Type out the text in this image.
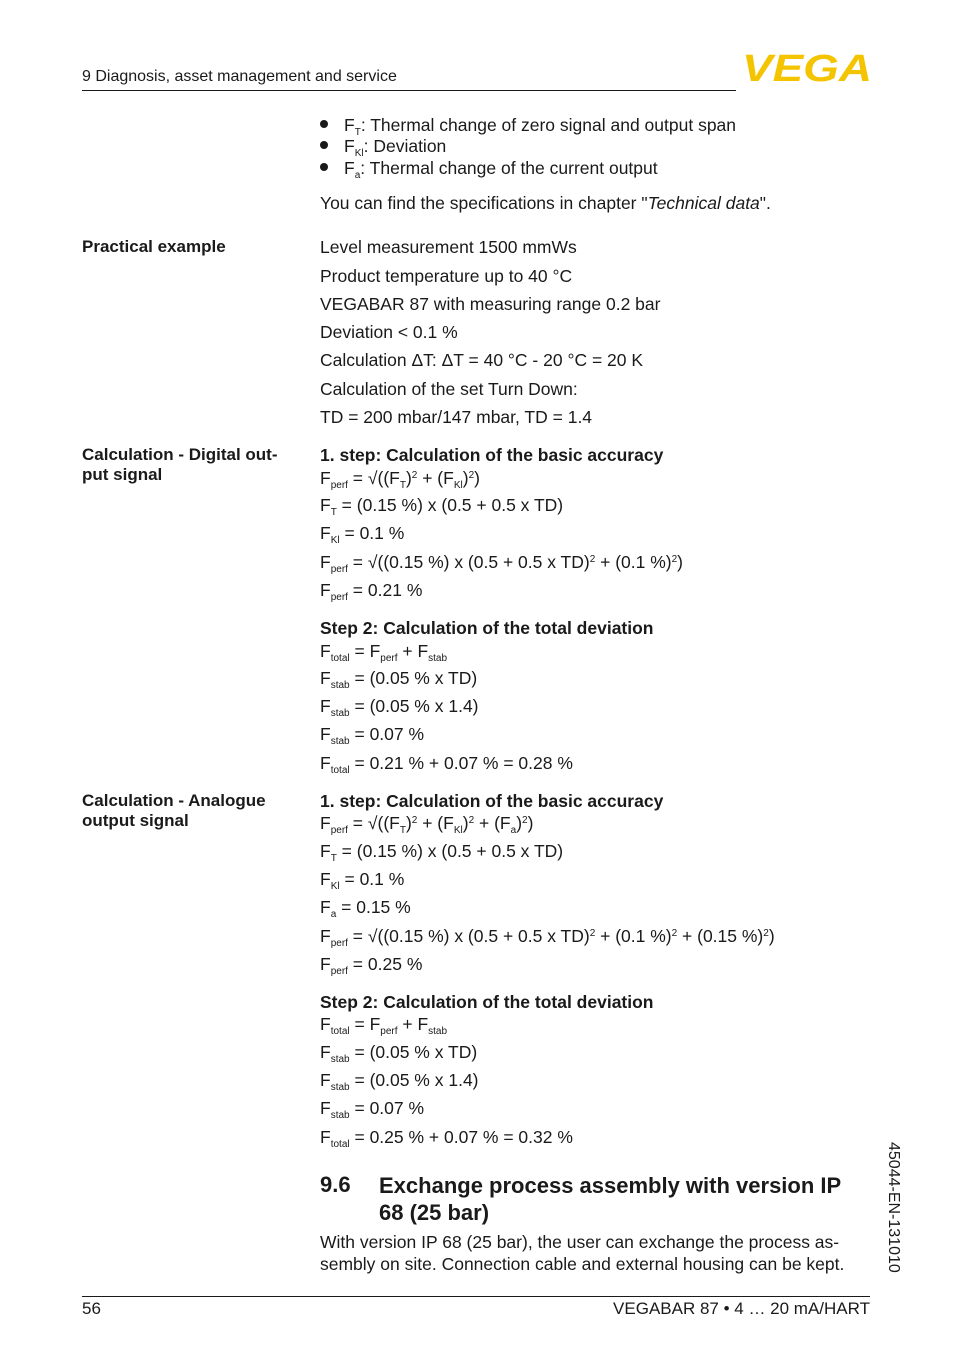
9 Diagnosis, asset management and service	VEGA
$F_T$: Thermal change of zero signal and output span
$F_{Kl}$: Deviation
$F_a$: Thermal change of the current output
You can find the specifications in chapter "Technical data".
Practical example	Level measurement 1500 mmWs
Product temperature up to 40 °C
VEGABAR 87 with measuring range 0.2 bar
Deviation < 0.1 %
Calculation ΔT: ΔT = 40 °C - 20 °C = 20 K
Calculation of the set Turn Down:
TD = 200 mbar/147 mbar, TD = 1.4
Calculation - Digital out-put signal
1. step: Calculation of the basic accuracy
$F_{perf} = √((F_T)^2 + (F_{Kl})^2)$
$F_T = (0.15$ %) x (0.5 + 0.5 x TD)
$F_{Kl} = 0.1$ %
$F_{perf} = √((0.15$ %) x (0.5 + 0.5 x TD)$^2$ + (0.1 %)$^2$)
$F_{perf} = 0.21$ %
Step 2: Calculation of the total deviation
$F_{total} = F_{perf} + F_{stab}$
$F_{stab} = (0.05$ % x TD)
$F_{stab} = (0.05$ % x 1.4)
$F_{stab} = 0.07$ %
$F_{total} = 0.21$ % + 0.07 % = 0.28 %
Calculation - Analogue output signal
1. step: Calculation of the basic accuracy
$F_{perf} = √((F_T)^2 + (F_{Kl})^2 + (F_a)^2)$
$F_T = (0.15$ %) x (0.5 + 0.5 x TD)
$F_{Kl} = 0.1$ %
$F_a = 0.15$ %
$F_{perf} = √((0.15$ %) x (0.5 + 0.5 x TD)$^2$ + (0.1 %)$^2$ + (0.15 %)$^2$)
$F_{perf} = 0.25$ %
Step 2: Calculation of the total deviation
$F_{total} = F_{perf} + F_{stab}$
$F_{stab} = (0.05$ % x TD)
$F_{stab} = (0.05$ % x 1.4)
$F_{stab} = 0.07$ %
$F_{total} = 0.25$ % + 0.07 % = 0.32 %
9.6 Exchange process assembly with version IP 68 (25 bar)
With version IP 68 (25 bar), the user can exchange the process as-sembly on site. Connection cable and external housing can be kept.	45044-EN-131010
56	VEGABAR 87 • 4 … 20 mA/HART
